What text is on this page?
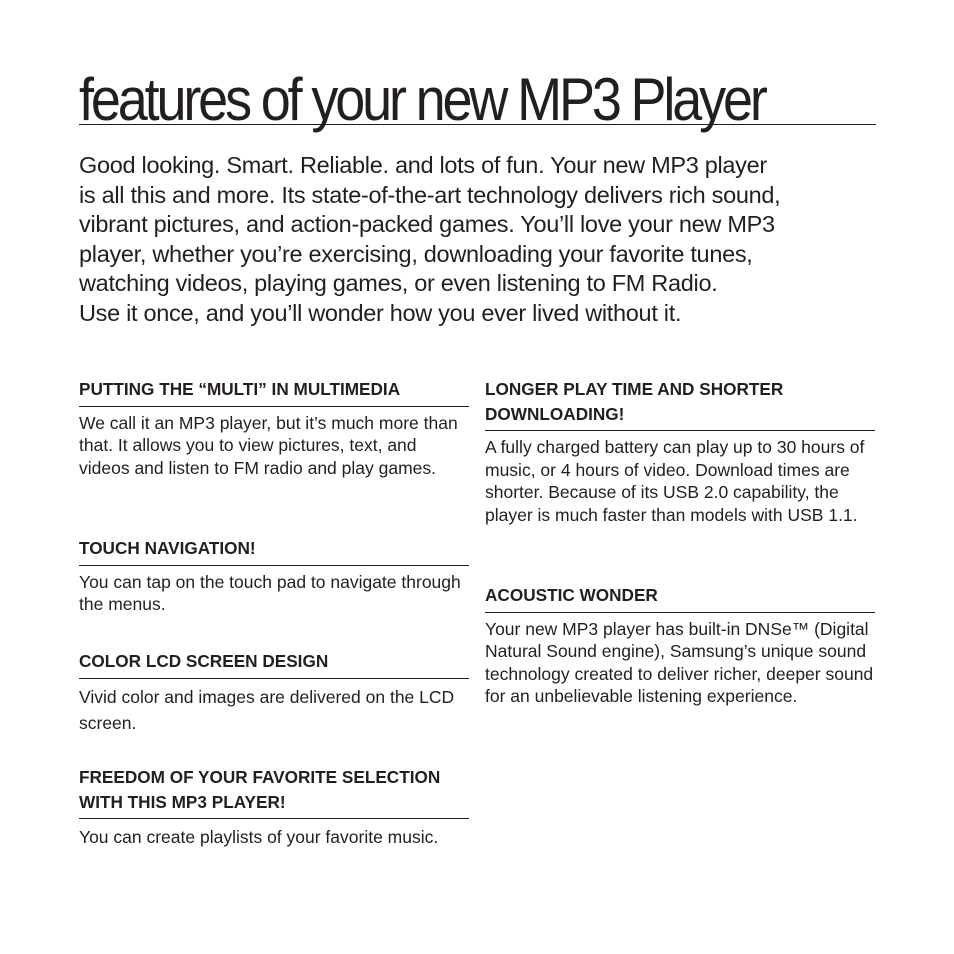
features of your new MP3 Player
Good looking. Smart. Reliable. and lots of fun. Your new MP3 player
is all this and more. Its state-of-the-art technology delivers rich sound,
vibrant pictures, and action-packed games. You’ll love your new MP3
player, whether you’re exercising, downloading your favorite tunes,
watching videos, playing games, or even listening to FM Radio.
Use it once, and you’ll wonder how you ever lived without it.
PUTTING THE “MULTI” IN MULTIMEDIA

We call it an MP3 player, but it’s much more than that. It allows you to view pictures, text, and videos and listen to FM radio and play games.

TOUCH NAVIGATION!

You can tap on the touch pad to navigate through the menus.

COLOR LCD SCREEN DESIGN

Vivid color and images are delivered on the LCD screen.

FREEDOM OF YOUR FAVORITE SELECTION WITH THIS MP3 PLAYER!

You can create playlists of your favorite music.

LONGER PLAY TIME AND SHORTER DOWNLOADING!

A fully charged battery can play up to 30 hours of music, or 4 hours of video. Download times are shorter. Because of its USB 2.0 capability, the player is much faster than models with USB 1.1.

ACOUSTIC WONDER

Your new MP3 player has built-in DNSe™ (Digital Natural Sound engine), Samsung’s unique sound technology created to deliver richer, deeper sound for an unbelievable listening experience.
